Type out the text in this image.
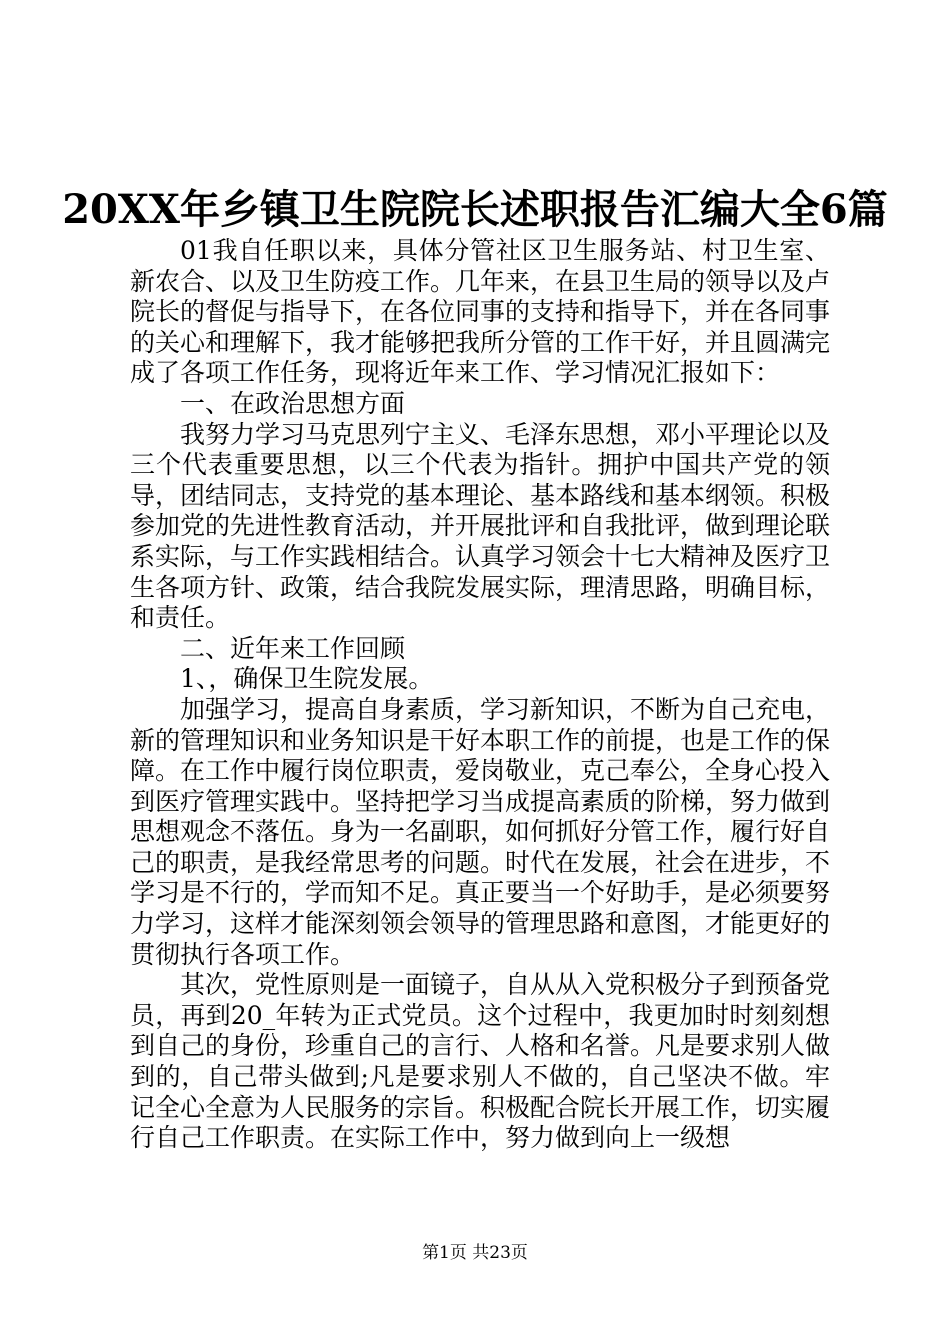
20XX年乡镇卫生院院长述职报告汇编大全6篇

01我自任职以来，具体分管社区卫生服务站、村卫生室、新农合、以及卫生防疫工作。几年来，在县卫生局的领导以及卢院长的督促与指导下，在各位同事的支持和指导下，并在各同事的关心和理解下，我才能够把我所分管的工作干好，并且圆满完成了各项工作任务，现将近年来工作、学习情况汇报如下：

一、在政治思想方面

我努力学习马克思列宁主义、毛泽东思想，邓小平理论以及三个代表重要思想，以三个代表为指针。拥护中国共产党的领导，团结同志，支持党的基本理论、基本路线和基本纲领。积极参加党的先进性教育活动，并开展批评和自我批评，做到理论联系实际，与工作实践相结合。认真学习领会十七大精神及医疗卫生各项方针、政策，结合我院发展实际，理清思路，明确目标，和责任。

二、近年来工作回顾

1、，确保卫生院发展。

加强学习，提高自身素质，学习新知识，不断为自己充电，新的管理知识和业务知识是干好本职工作的前提，也是工作的保障。在工作中履行岗位职责，爱岗敬业，克己奉公，全身心投入到医疗管理实践中。坚持把学习当成提高素质的阶梯，努力做到思想观念不落伍。身为一名副职，如何抓好分管工作，履行好自己的职责，是我经常思考的问题。时代在发展，社会在进步，不学习是不行的，学而知不足。真正要当一个好助手，是必须要努力学习，这样才能深刻领会领导的管理思路和意图，才能更好的贯彻执行各项工作。

其次，党性原则是一面镜子，自从从入党积极分子到预备党员，再到20_年转为正式党员。这个过程中，我更加时时刻刻想到自己的身份，珍重自己的言行、人格和名誉。凡是要求别人做到的，自己带头做到;凡是要求别人不做的，自己坚决不做。牢记全心全意为人民服务的宗旨。积极配合院长开展工作，切实履行自己工作职责。在实际工作中，努力做到向上一级想

第1页 共23页
